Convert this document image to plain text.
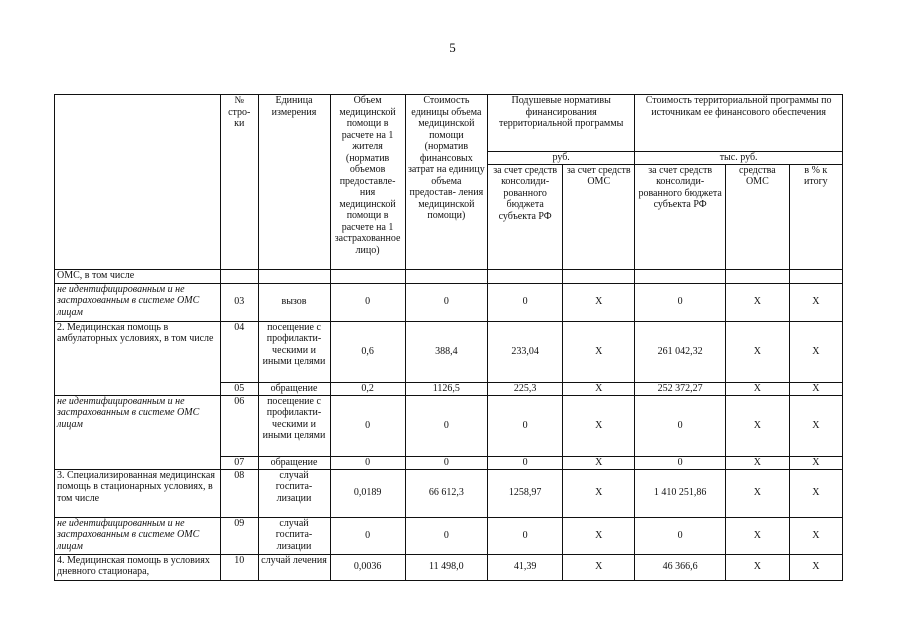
5
	№ стро- ки	Единица измерения	Объем медицинской помощи в расчете на 1 жителя (норматив объемов предоставле- ния медицинской помощи в расчете на 1 застрахованное лицо)	Стоимость единицы объема медицинской помощи (норматив финансовых затрат на единицу объема предостав- ления медицинской помощи)	Подушевые нормативы финансирования территориальной программы		Стоимость территориальной программы по источникам ее финансового обеспечения		
					руб.		тыс. руб.		
					за счет средств консолиди- рованного бюджета субъекта РФ	за счет средств ОМС	за счет средств консолиди- рованного бюджета субъекта РФ	средства ОМС	в % к итогу
ОМС, в том числе									
не идентифицированным и не застрахованным в системе ОМС лицам	03	вызов	0	0	0	X	0	X	X
2. Медицинская помощь в амбулаторных условиях, в том числе	04	посещение с профилакти- ческими и иными целями	0,6	388,4	233,04	X	261 042,32	X	X
	05	обращение	0,2	1126,5	225,3	X	252 372,27	X	X
не идентифицированным и не застрахованным в системе ОМС лицам	06	посещение с профилакти- ческими и иными целями	0	0	0	X	0	X	X
	07	обращение	0	0	0	X	0	X	X
3. Специализированная медицинская помощь в стационарных условиях, в том числе	08	случай госпита- лизации	0,0189	66 612,3	1258,97	X	1 410 251,86	X	X
не идентифицированным и не застрахованным в системе ОМС лицам	09	случай госпита- лизации	0	0	0	X	0	X	X
4. Медицинская помощь в условиях дневного стационара,	10	случай лечения	0,0036	11 498,0	41,39	X	46 366,6	X	X
